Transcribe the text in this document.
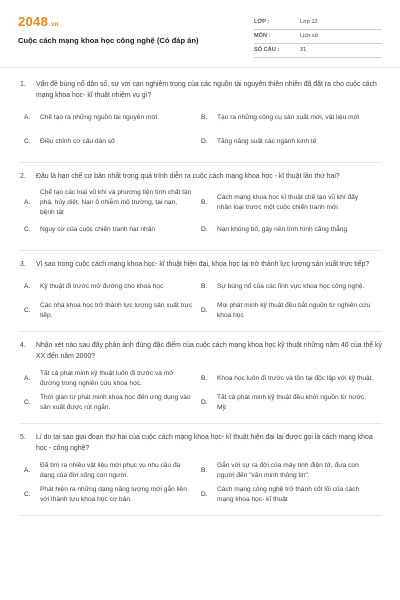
2048.vn
Cuộc cách mạng khoa học công nghệ (Có đáp án)
LỚP :	Lớp 12
MÔN :	Lịch sử
SỐ CÂU :	31
1. Vấn đề bùng nổ dân số, sự vơi cạn nghiêm trọng của các nguồn tài nguyên thiên nhiên đã đặt ra cho cuộc cách mạng khoa học- kĩ thuật nhiệm vụ gì?
A. Chế tạo ra những nguồn tài nguyên mới.	B. Tạo ra những công cụ sản xuất mới, vật liệu mới
C. Điều chỉnh cơ cấu dân số	D. Tăng năng suất các ngành kinh tế
2. Đâu là hạn chế cơ bản nhất trong quá trình diễn ra cuộc cách mạng khoa học - kĩ thuật lần thứ hai?
A.
Chế tạo các loại vũ khí và phương tiện tính chất tàn phá, hủy diệt. Nạn ô nhiễm mô trường, tai nạn, bệnh tật
B.
Cách mạng khoa học kĩ thuật chế tạo vũ khí đẩy nhân loại trước một cuộc chiến tranh mới
C. Nguy cơ của cuộc chiến tranh hạt nhân	D. Nạn khủng bố, gây nên tình hình căng thẳng
3. Vì sao trong cuộc cách mạng khoa học- kĩ thuật hiện đại, khoa học lại trở thành lực lượng sản xuất trực tiếp?
A. Kỹ thuật đi trước mở đường cho khoa học	B. Sự bùng nổ của các lĩnh vực khoa học công nghệ.
C.
Các nhà khoa học trở thành lực lượng sản xuất trực tiếp.
D.
Mọi phát minh kỹ thuật đều bắt nguồn từ nghiên cứu khoa học
4. Nhận xét nào sau đây phản ánh đúng đặc điểm của cuộc cách mạng khoa học kỹ thuật những năm 40 của thế kỷ XX đến năm 2000?
A.
Tất cả phát minh kỹ thuật luôn đi trước và mở đường trong nghiên cứu khoa học.
B. Khoa học luôn đi trước và tồn tại độc lập với kỹ thuật.
C.
Thời gian từ phát minh khoa học đến ứng dụng vào sản xuất được rút ngắn.
D.
Tất cả phát minh kỹ thuật đều khởi nguồn từ nước Mỹ.
5. Lí do tại sao giai đoạn thứ hai của cuộc cách mạng khoa học- kĩ thuật hiện đại lại được gọi là cách mạng khoa học - công nghệ?
A.
Đã tìm ra nhiều vật liệu mới phục vụ nhu cầu đa dạng của đời sống con người.
B.
Gắn với sự ra đời của máy tính điện tử, đưa con người đến "văn minh thông tin".
C.
Phát hiện ra những dạng năng lượng mới gắn liền với thành tựu khoa học cơ bản.
D.
Cách mạng công nghệ trở thành cốt lõi của cách mạng khoa học- kĩ thuật
